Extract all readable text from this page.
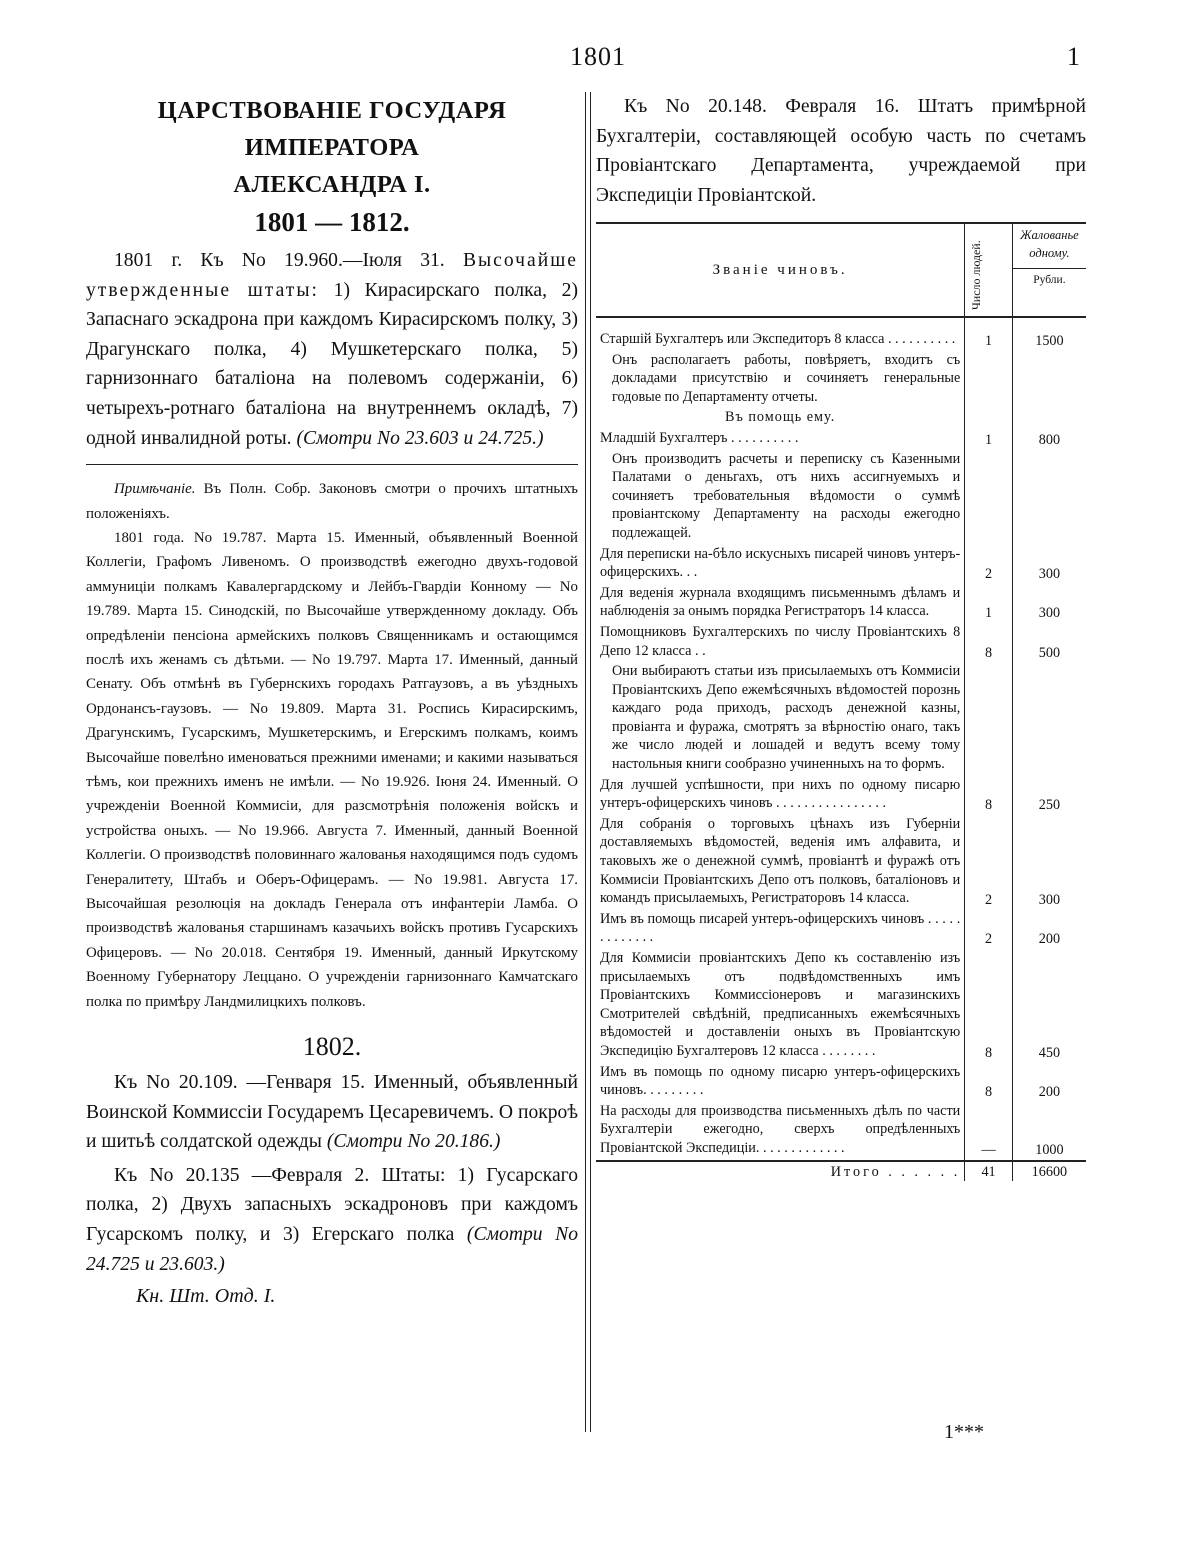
1801	1
ЦАРСТВОВАНІЕ ГОСУДАРЯ ИМПЕРАТОРА
АЛЕКСАНДРА I.
1801 — 1812.

1801 г. Къ No 19.960.—Іюля 31. Высочайше утвержденные штаты: 1) Кирасирскаго полка, 2) Запаснаго эскадрона при каждомъ Кирасирскомъ полку, 3) Драгунскаго полка, 4) Мушкетерскаго полка, 5) гарнизоннаго баталіона на полевомъ содержаніи, 6) четырехъ-ротнаго баталіона на внутреннемъ окладѣ, 7) одной инвалидной роты. (Смотри No 23.603 и 24.725.)

Примѣчаніе. Въ Полн. Собр. Законовъ смотри о прочихъ штатныхъ положеніяхъ.

1801 года. No 19.787. Марта 15. Именный, объявленный Военной Коллегіи, Графомъ Ливеномъ. О производствѣ ежегодно двухъ-годовой аммуниціи полкамъ Кавалергардскому и Лейбъ-Гвардіи Конному — No 19.789. Марта 15. Синодскій, по Высочайше утвержденному докладу. Объ опредѣленіи пенсіона армейскихъ полковъ Священникамъ и остающимся послѣ ихъ женамъ съ дѣтьми. — No 19.797. Марта 17. Именный, данный Сенату. Объ отмѣнѣ въ Губернскихъ городахъ Ратгаузовъ, а въ уѣздныхъ Ордонансъ-гаузовъ. — No 19.809. Марта 31. Роспись Кирасирскимъ, Драгунскимъ, Гусарскимъ, Мушкетерскимъ, и Егерскимъ полкамъ, коимъ Высочайше повелѣно именоваться прежними именами; и какими называться тѣмъ, кои прежнихъ именъ не имѣли. — No 19.926. Іюня 24. Именный. О учрежденіи Военной Коммисіи, для разсмотрѣнія положенія войскъ и устройства оныхъ. — No 19.966. Августа 7. Именный, данный Военной Коллегіи. О производствѣ половиннаго жалованья находящимся подъ судомъ Генералитету, Штабъ и Оберъ-Офицерамъ. — No 19.981. Августа 17. Высочайшая резолюція на докладъ Генерала отъ инфантеріи Ламба. О производствѣ жалованья старшинамъ казачьихъ войскъ противъ Гусарскихъ Офицеровъ. — No 20.018. Сентября 19. Именный, данный Иркутскому Военному Губернатору Леццано. О учрежденіи гарнизоннаго Камчатскаго полка по примѣру Ландмилицкихъ полковъ.

1802.

Къ No 20.109. —Генваря 15. Именный, объявленный Воинской Коммиссіи Государемъ Цесаревичемъ. О покроѣ и шитьѣ солдатской одежды (Смотри No 20.186.)

Къ No 20.135 —Февраля 2. Штаты: 1) Гусарскаго полка, 2) Двухъ запасныхъ эскадроновъ при каждомъ Гусарскомъ полку, и 3) Егерскаго полка (Смотри No 24.725 и 23.603.)

Кн. Шт. Отд. I.

Къ No 20.148. Февраля 16. Штатъ примѣрной Бухгалтеріи, составляющей особую часть по счетамъ Провіантскаго Департамента, учреждаемой при Экспедиціи Провіантской.

Званіе чиновъ.	Число людей.	Жалованье одному.
Рубли.

Старшій Бухгалтеръ или Экспедиторъ 8 класса . . . . . . . . . .	1	1500
Онъ располагаетъ работы, повѣряетъ, входитъ съ докладами присутствію и сочиняетъ генеральные годовые по Департаменту отчеты.		
Въ помощь ему.		
Младшій Бухгалтеръ . . . . . . . . . .	1	800
Онъ производитъ расчеты и переписку съ Казенными Палатами о деньгахъ, отъ нихъ ассигнуемыхъ и сочиняетъ требовательныя вѣдомости о суммѣ провіантскому Департаменту на расходы ежегодно подлежащей.		
Для переписки на-бѣло искусныхъ писарей чиновъ унтеръ-офицерскихъ. . .	2	300
Для веденія журнала входящимъ письменнымъ дѣламъ и наблюденія за онымъ порядка Регистраторъ 14 класса.	1	300
Помощниковъ Бухгалтерскихъ по числу Провіантскихъ 8 Депо 12 класса . .	8	500
Они выбираютъ статьи изъ присылаемыхъ отъ Коммисіи Провіантскихъ Депо ежемѣсячныхъ вѣдомостей порознь каждаго рода приходъ, расходъ денежной казны, провіанта и фуража, смотрятъ за вѣрностію онаго, такъ же число людей и лошадей и ведутъ всему тому настольныя книги сообразно учиненныхъ на то формъ.		
Для лучшей успѣшности, при нихъ по одному писарю унтеръ-офицерскихъ чиновъ . . . . . . . . . . . . . . . .	8	250
Для собранія о торговыхъ цѣнахъ изъ Губерніи доставляемыхъ вѣдомостей, веденія имъ алфавита, и таковыхъ же о денежной суммѣ, провіантѣ и фуражѣ отъ Коммисіи Провіантскихъ Депо отъ полковъ, баталіоновъ и командъ присылаемыхъ, Регистраторовъ 14 класса.	2	300
Имъ въ помощь писарей унтеръ-офицерскихъ чиновъ . . . . . . . . . . . . .	2	200
Для Коммисіи провіантскихъ Депо къ составленію изъ присылаемыхъ отъ подвѣдомственныхъ имъ Провіантскихъ Коммиссіонеровъ и магазинскихъ Смотрителей свѣдѣній, предписанныхъ ежемѣсячныхъ вѣдомостей и доставленіи оныхъ въ Провіантскую Экспедицію Бухгалтеровъ 12 класса . . . . . . . .	8	450
Имъ въ помощь по одному писарю унтеръ-офицерскихъ чиновъ. . . . . . . . .	8	200
На расходы для производства письменныхъ дѣлъ по части Бухгалтеріи ежегодно, сверхъ опредѣленныхъ Провіантской Экспедиціи. . . . . . . . . . . . .	—	1000
Итого . . . . . .	41	16600
1***
